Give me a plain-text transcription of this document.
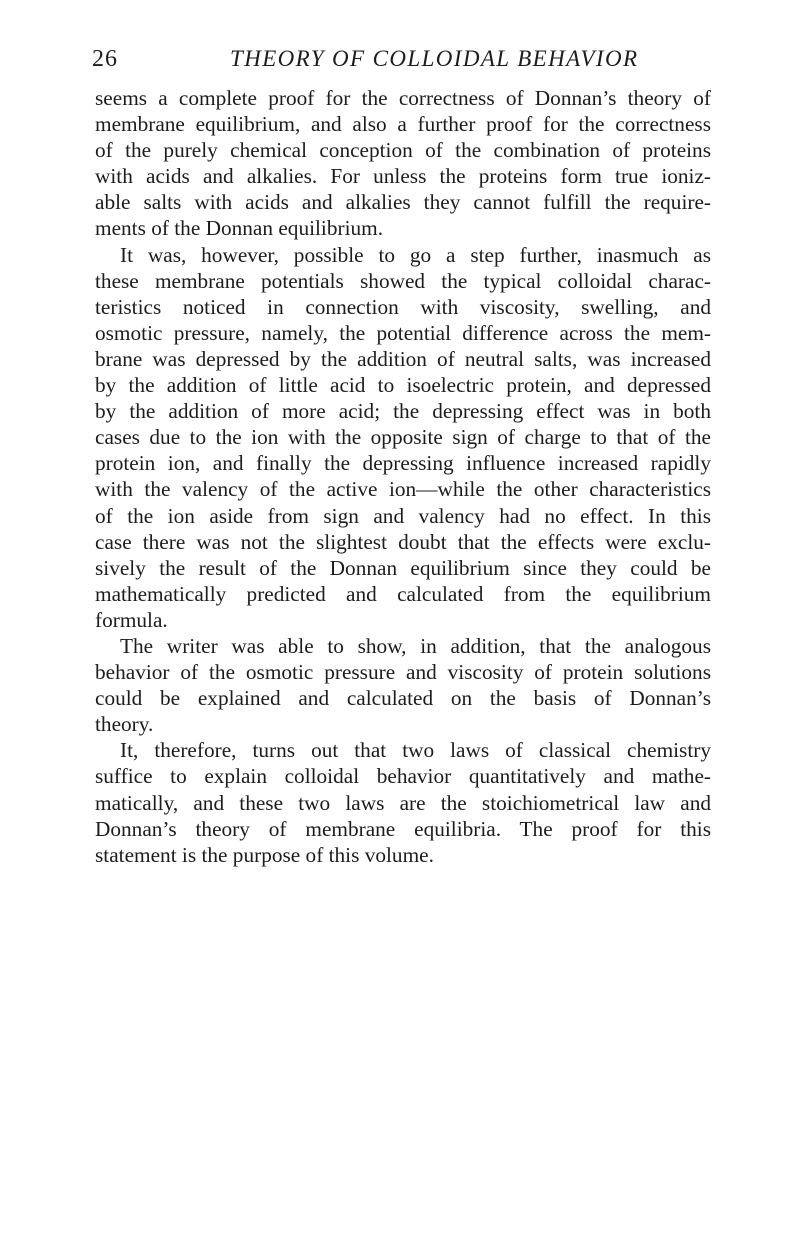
26	THEORY OF COLLOIDAL BEHAVIOR
seems a complete proof for the correctness of Donnan’s theory of
membrane equilibrium, and also a further proof for the correctness
of the purely chemical conception of the combination of proteins
with acids and alkalies. For unless the proteins form true ioniz-
able salts with acids and alkalies they cannot fulfill the require-
ments of the Donnan equilibrium.
It was, however, possible to go a step further, inasmuch as
these membrane potentials showed the typical colloidal charac-
teristics noticed in connection with viscosity, swelling, and
osmotic pressure, namely, the potential difference across the mem-
brane was depressed by the addition of neutral salts, was increased
by the addition of little acid to isoelectric protein, and depressed
by the addition of more acid; the depressing effect was in both
cases due to the ion with the opposite sign of charge to that of the
protein ion, and finally the depressing influence increased rapidly
with the valency of the active ion—while the other characteristics
of the ion aside from sign and valency had no effect. In this
case there was not the slightest doubt that the effects were exclu-
sively the result of the Donnan equilibrium since they could be
mathematically predicted and calculated from the equilibrium
formula.
The writer was able to show, in addition, that the analogous
behavior of the osmotic pressure and viscosity of protein solutions
could be explained and calculated on the basis of Donnan’s
theory.
It, therefore, turns out that two laws of classical chemistry
suffice to explain colloidal behavior quantitatively and mathe-
matically, and these two laws are the stoichiometrical law and
Donnan’s theory of membrane equilibria. The proof for this
statement is the purpose of this volume.
